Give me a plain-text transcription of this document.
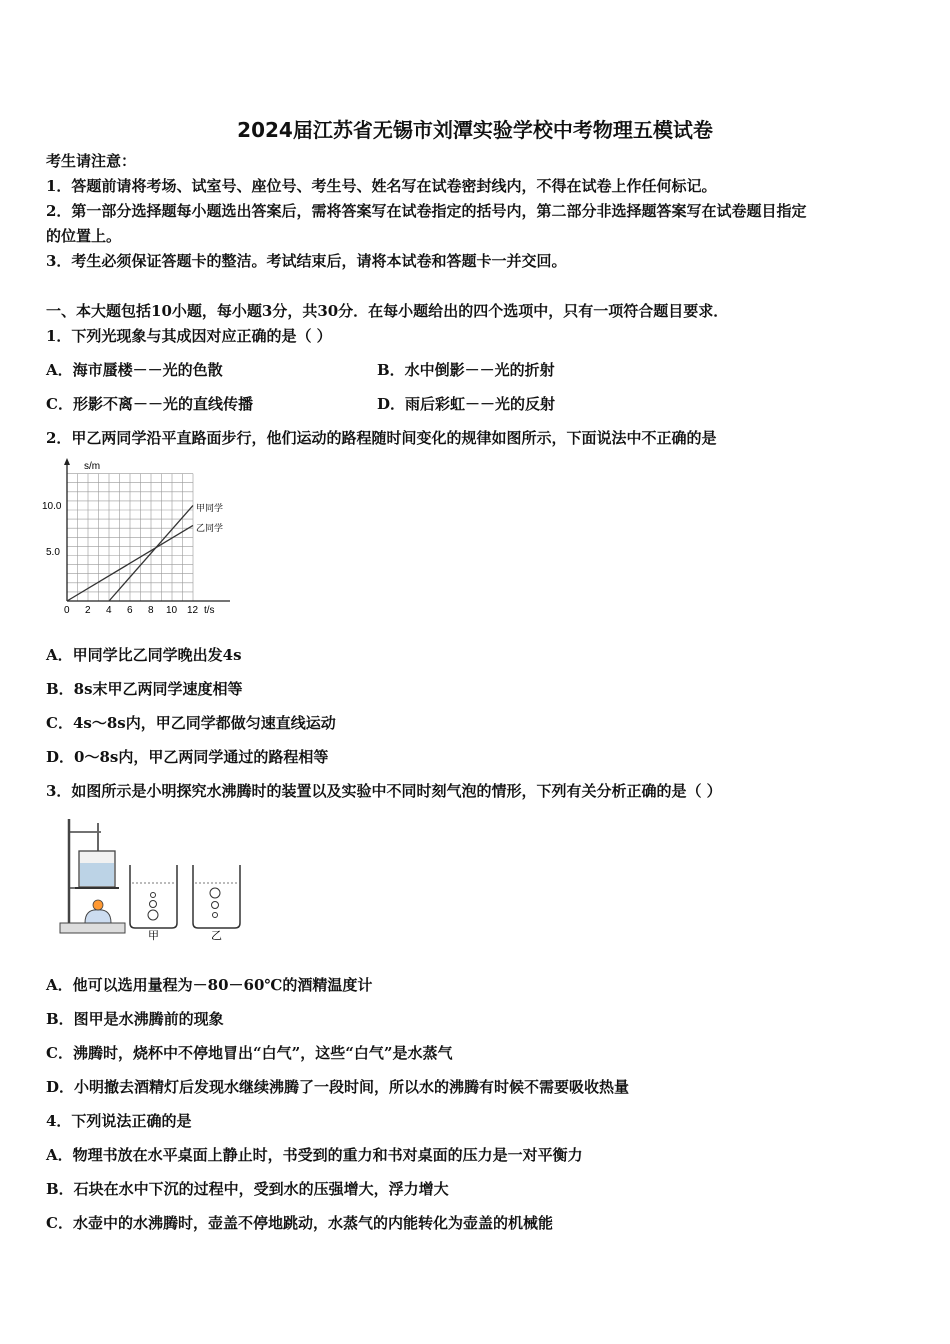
2024届江苏省无锡市刘潭实验学校中考物理五模试卷
考生请注意：
1．答题前请将考场、试室号、座位号、考生号、姓名写在试卷密封线内，不得在试卷上作任何标记。
2．第一部分选择题每小题选出答案后，需将答案写在试卷指定的括号内，第二部分非选择题答案写在试卷题目指定
的位置上。
3．考生必须保证答题卡的整洁。考试结束后，请将本试卷和答题卡一并交回。
一、本大题包括10小题，每小题3分，共30分．在每小题给出的四个选项中，只有一项符合题目要求．
1．下列光现象与其成因对应正确的是（ ）
A．海市蜃楼－－光的色散	B．水中倒影－－光的折射
C．形影不离－－光的直线传播	D．雨后彩虹－－光的反射
2．甲乙两同学沿平直路面步行，他们运动的路程随时间变化的规律如图所示，下面说法中不正确的是
s/m
t/s
5.0
10.0
0 2 4 6 8 10 12
甲同学
乙同学
A．甲同学比乙同学晚出发4s
B．8s末甲乙两同学速度相等
C．4s～8s内，甲乙同学都做匀速直线运动
D．0～8s内，甲乙两同学通过的路程相等
3．如图所示是小明探究水沸腾时的装置以及实验中不同时刻气泡的情形，下列有关分析正确的是（ ）
甲	乙
A．他可以选用量程为－80－60℃的酒精温度计
B．图甲是水沸腾前的现象
C．沸腾时，烧杯中不停地冒出“白气”，这些“白气”是水蒸气
D．小明撤去酒精灯后发现水继续沸腾了一段时间，所以水的沸腾有时候不需要吸收热量
4．下列说法正确的是
A．物理书放在水平桌面上静止时，书受到的重力和书对桌面的压力是一对平衡力
B．石块在水中下沉的过程中，受到水的压强增大，浮力增大
C．水壶中的水沸腾时，壶盖不停地跳动，水蒸气的内能转化为壶盖的机械能
